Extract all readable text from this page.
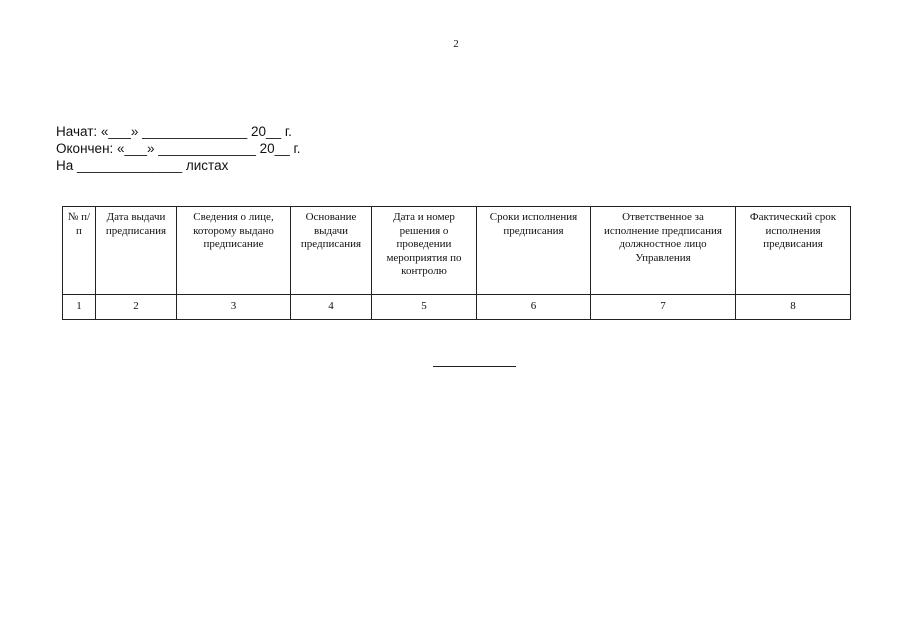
2
Начат: «___» ______________ 20__ г.
Окончен: «___» _____________ 20__ г.
На ______________ листах
№ п/п	Дата выдачи предписания	Сведения о лице, которому выдано предписание	Основание выдачи предписания	Дата и номер решения о проведении мероприятия по контролю	Сроки исполнения предписания	Ответственное за исполнение предписания должностное лицо Управления	Фактический срок исполнения предвисания
1	2	3	4	5	6	7	8
